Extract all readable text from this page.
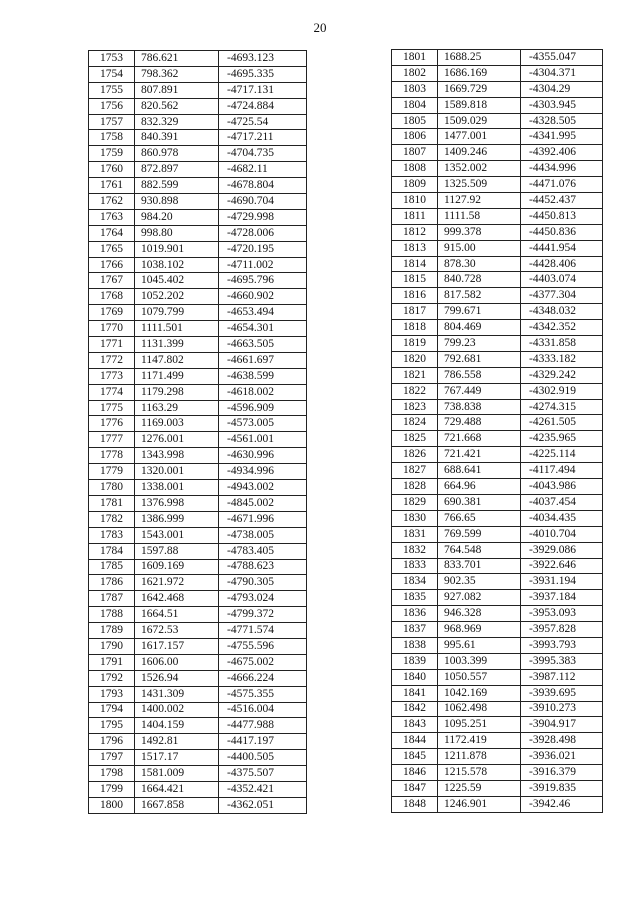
20
1753	786.621	-4693.123
1754	798.362	-4695.335
1755	807.891	-4717.131
1756	820.562	-4724.884
1757	832.329	-4725.54
1758	840.391	-4717.211
1759	860.978	-4704.735
1760	872.897	-4682.11
1761	882.599	-4678.804
1762	930.898	-4690.704
1763	984.20	-4729.998
1764	998.80	-4728.006
1765	1019.901	-4720.195
1766	1038.102	-4711.002
1767	1045.402	-4695.796
1768	1052.202	-4660.902
1769	1079.799	-4653.494
1770	1111.501	-4654.301
1771	1131.399	-4663.505
1772	1147.802	-4661.697
1773	1171.499	-4638.599
1774	1179.298	-4618.002
1775	1163.29	-4596.909
1776	1169.003	-4573.005
1777	1276.001	-4561.001
1778	1343.998	-4630.996
1779	1320.001	-4934.996
1780	1338.001	-4943.002
1781	1376.998	-4845.002
1782	1386.999	-4671.996
1783	1543.001	-4738.005
1784	1597.88	-4783.405
1785	1609.169	-4788.623
1786	1621.972	-4790.305
1787	1642.468	-4793.024
1788	1664.51	-4799.372
1789	1672.53	-4771.574
1790	1617.157	-4755.596
1791	1606.00	-4675.002
1792	1526.94	-4666.224
1793	1431.309	-4575.355
1794	1400.002	-4516.004
1795	1404.159	-4477.988
1796	1492.81	-4417.197
1797	1517.17	-4400.505
1798	1581.009	-4375.507
1799	1664.421	-4352.421
1800	1667.858	-4362.051
1801	1688.25	-4355.047
1802	1686.169	-4304.371
1803	1669.729	-4304.29
1804	1589.818	-4303.945
1805	1509.029	-4328.505
1806	1477.001	-4341.995
1807	1409.246	-4392.406
1808	1352.002	-4434.996
1809	1325.509	-4471.076
1810	1127.92	-4452.437
1811	1111.58	-4450.813
1812	999.378	-4450.836
1813	915.00	-4441.954
1814	878.30	-4428.406
1815	840.728	-4403.074
1816	817.582	-4377.304
1817	799.671	-4348.032
1818	804.469	-4342.352
1819	799.23	-4331.858
1820	792.681	-4333.182
1821	786.558	-4329.242
1822	767.449	-4302.919
1823	738.838	-4274.315
1824	729.488	-4261.505
1825	721.668	-4235.965
1826	721.421	-4225.114
1827	688.641	-4117.494
1828	664.96	-4043.986
1829	690.381	-4037.454
1830	766.65	-4034.435
1831	769.599	-4010.704
1832	764.548	-3929.086
1833	833.701	-3922.646
1834	902.35	-3931.194
1835	927.082	-3937.184
1836	946.328	-3953.093
1837	968.969	-3957.828
1838	995.61	-3993.793
1839	1003.399	-3995.383
1840	1050.557	-3987.112
1841	1042.169	-3939.695
1842	1062.498	-3910.273
1843	1095.251	-3904.917
1844	1172.419	-3928.498
1845	1211.878	-3936.021
1846	1215.578	-3916.379
1847	1225.59	-3919.835
1848	1246.901	-3942.46
